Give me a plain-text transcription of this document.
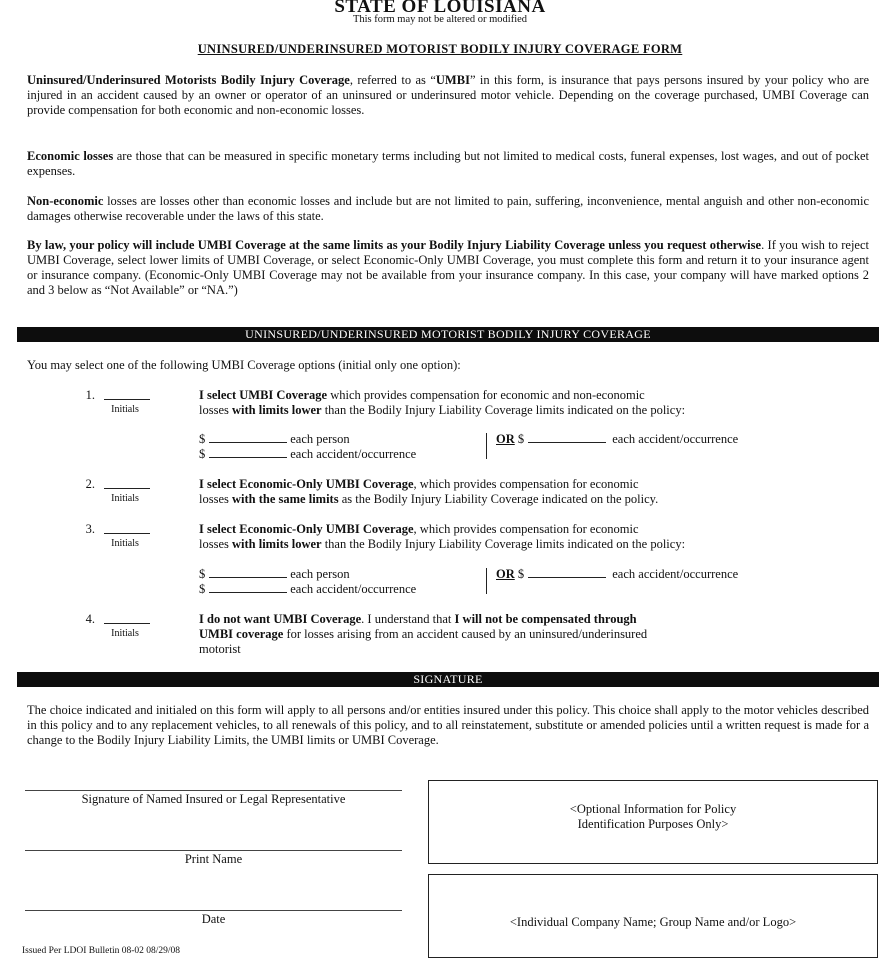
STATE OF LOUISIANA
This form may not be altered or modified
UNINSURED/UNDERINSURED MOTORIST BODILY INJURY COVERAGE FORM

Uninsured/Underinsured Motorists Bodily Injury Coverage, referred to as “UMBI” in this form, is insurance that pays persons insured by your policy who are injured in an accident caused by an owner or operator of an uninsured or underinsured motor vehicle. Depending on the coverage purchased, UMBI Coverage can provide compensation for both economic and non-economic losses.

Economic losses are those that can be measured in specific monetary terms including but not limited to medical costs, funeral expenses, lost wages, and out of pocket expenses.

Non-economic losses are losses other than economic losses and include but are not limited to pain, suffering, inconvenience, mental anguish and other non-economic damages otherwise recoverable under the laws of this state.

By law, your policy will include UMBI Coverage at the same limits as your Bodily Injury Liability Coverage unless you request otherwise. If you wish to reject UMBI Coverage, select lower limits of UMBI Coverage, or select Economic-Only UMBI Coverage, you must complete this form and return it to your insurance agent or insurance company. (Economic-Only UMBI Coverage may not be available from your insurance company. In this case, your company will have marked options 2 and 3 below as “Not Available” or “NA.”)

UNINSURED/UNDERINSURED MOTORIST BODILY INJURY COVERAGE
You may select one of the following UMBI Coverage options (initial only one option):
1.
Initials
I select UMBI Coverage which provides compensation for economic and non-economic
losses with limits lower than the Bodily Injury Liability Coverage limits indicated on the policy:
$	each person
$	each accident/occurrence
OR $	each accident/occurrence
2.
Initials
I select Economic-Only UMBI Coverage, which provides compensation for economic
losses with the same limits as the Bodily Injury Liability Coverage indicated on the policy.
3.
Initials
I select Economic-Only UMBI Coverage, which provides compensation for economic
losses with limits lower than the Bodily Injury Liability Coverage limits indicated on the policy:
$	each person
$	each accident/occurrence
OR $	each accident/occurrence
4.
Initials
I do not want UMBI Coverage. I understand that I will not be compensated through
UMBI coverage for losses arising from an accident caused by an uninsured/underinsured
motorist
SIGNATURE

The choice indicated and initialed on this form will apply to all persons and/or entities insured under this policy. This choice shall apply to the motor vehicles described in this policy and to any replacement vehicles, to all renewals of this policy, and to all reinstatement, substitute or amended policies until a written request is made for a change to the Bodily Injury Liability Limits, the UMBI limits or UMBI Coverage.

Signature of Named Insured or Legal Representative
Print Name
Date
<Optional Information for Policy
Identification Purposes Only>
<Individual Company Name; Group Name and/or Logo>
Issued Per LDOI Bulletin 08-02 08/29/08
